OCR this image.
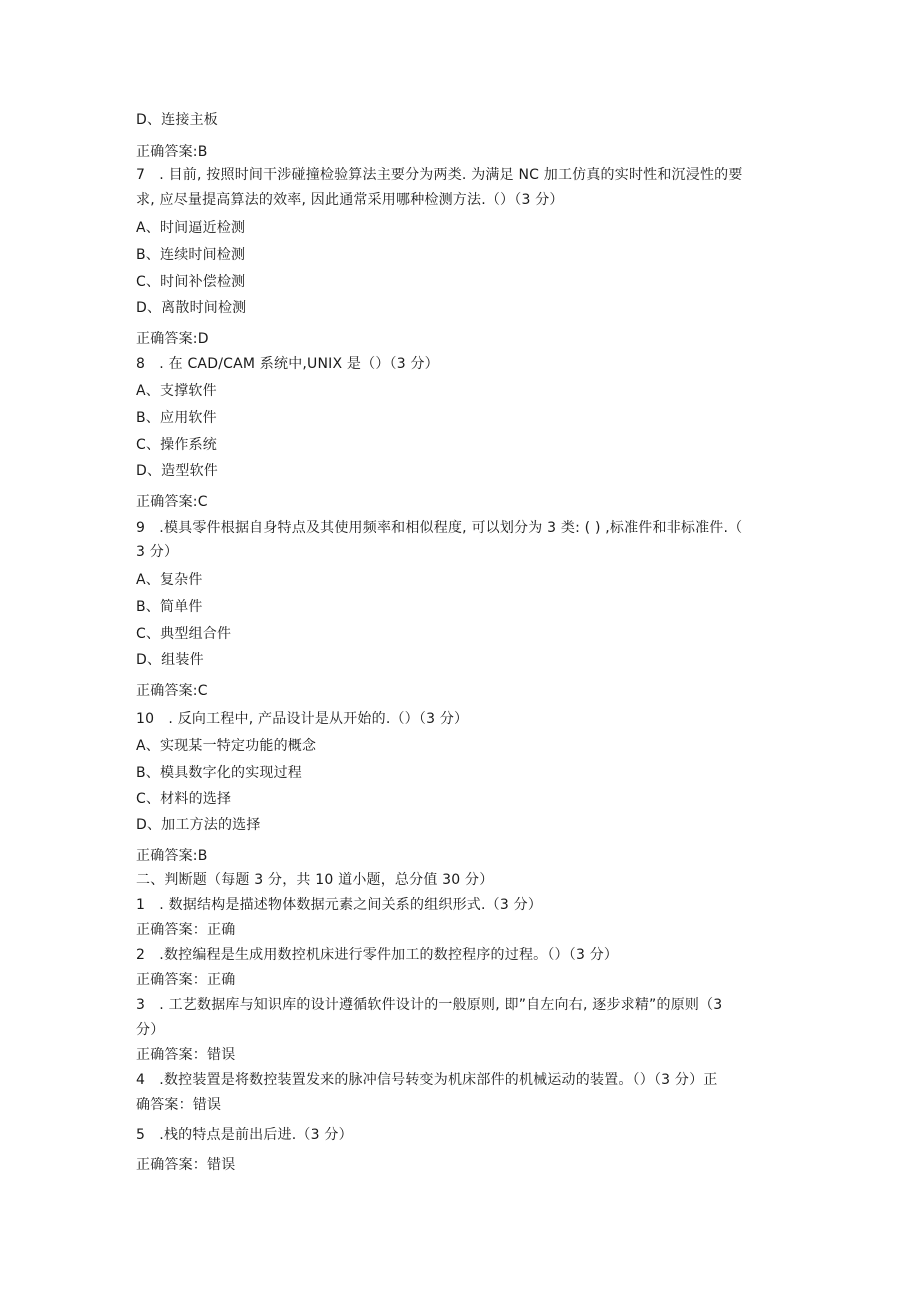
D、连接主板
正确答案:B
7　. 目前, 按照时间干涉碰撞检验算法主要分为两类. 为满足 NC 加工仿真的实时性和沉浸性的要
求, 应尽量提高算法的效率, 因此通常采用哪种检测方法.（）（3 分）
A、时间逼近检测
B、连续时间检测
C、时间补偿检测
D、离散时间检测
正确答案:D
8　. 在 CAD/CAM 系统中,UNIX 是（）（3 分）
A、支撑软件
B、应用软件
C、操作系统
D、造型软件
正确答案:C
9　.模具零件根据自身特点及其使用频率和相似程度, 可以划分为 3 类: ( ) ,标准件和非标准件.（
3 分）
A、复杂件
B、简单件
C、典型组合件
D、组装件
正确答案:C
10　. 反向工程中, 产品设计是从开始的.（）（3 分）
A、实现某一特定功能的概念
B、模具数字化的实现过程
C、材料的选择
D、加工方法的选择
正确答案:B
二、判断题（每题 3 分，共 10 道小题，总分值 30 分）
1　. 数据结构是描述物体数据元素之间关系的组织形式.（3 分）
正确答案：正确
2　.数控编程是生成用数控机床进行零件加工的数控程序的过程。（）（3 分）
正确答案：正确
3　. 工艺数据库与知识库的设计遵循软件设计的一般原则, 即”自左向右, 逐步求精”的原则（3
分）
正确答案：错误
4　.数控装置是将数控装置发来的脉冲信号转变为机床部件的机械运动的装置。（）（3 分）正
确答案：错误
5　.栈的特点是前出后进.（3 分）
正确答案：错误
